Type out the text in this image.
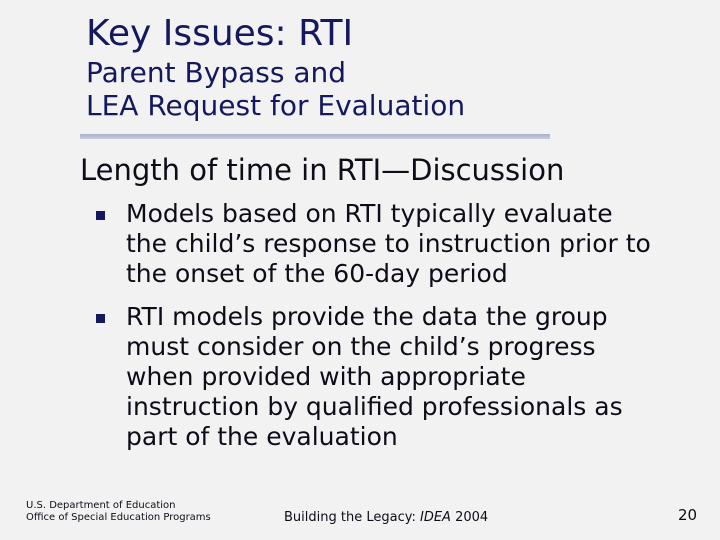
Key Issues: RTI
Parent Bypass and
LEA Request for Evaluation
Length of time in RTI—Discussion
Models based on RTI typically evaluate
the child’s response to instruction prior to
the onset of the 60-day period
RTI models provide the data the group
must consider on the child’s progress
when provided with appropriate
instruction by qualified professionals as
part of the evaluation
U.S. Department of Education
Office of Special Education Programs	Building the Legacy: IDEA 2004	20
